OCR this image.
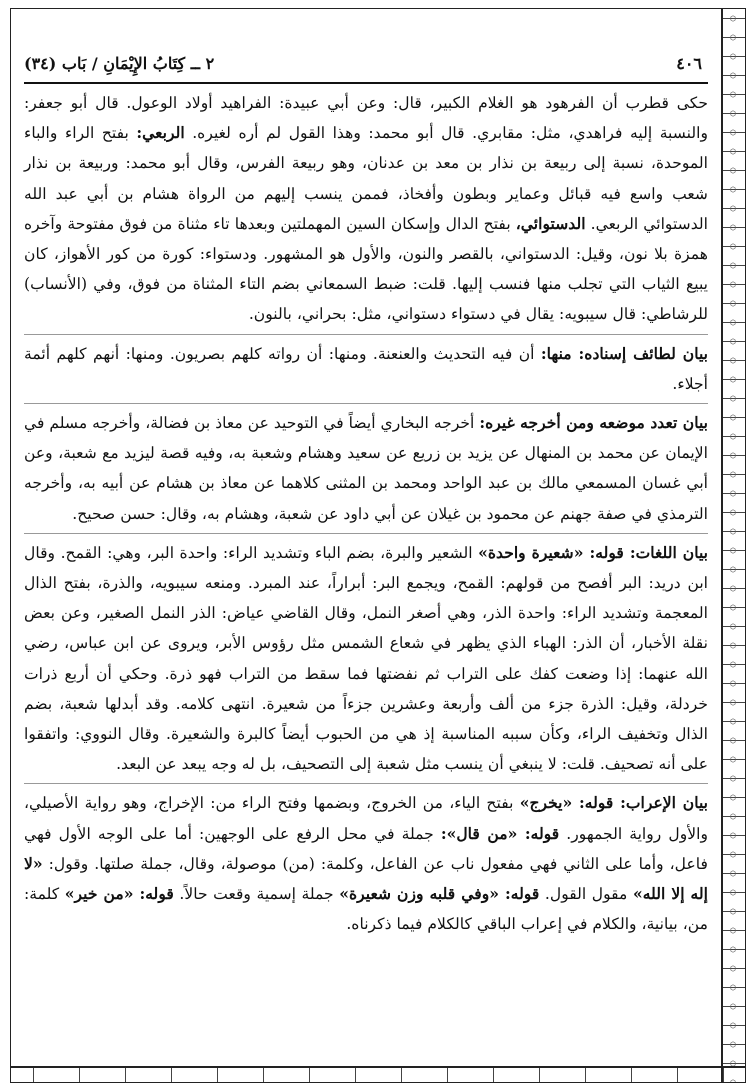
٤٠٦
٢ ــ كِتَابُ الإِيْمَانِ / بَاب (٣٤)

حكى قطرب أن الفرهود هو الغلام الكبير، قال: وعن أبي عبيدة: الفراهيد أولاد الوعول. قال أبو جعفر: والنسبة إليه فراهدي، مثل: مقابري. قال أبو محمد: وهذا القول لم أره لغيره. الربعي: بفتح الراء والباء الموحدة، نسبة إلى ربيعة بن نذار بن معد بن عدنان، وهو ربيعة الفرس، وقال أبو محمد: وربيعة بن نذار شعب واسع فيه قبائل وعماير وبطون وأفخاذ، فممن ينسب إليهم من الرواة هشام بن أبي عبد الله الدستوائي الربعي. الدستوائي، بفتح الدال وإسكان السين المهملتين وبعدها تاء مثناة من فوق مفتوحة وآخره همزة بلا نون، وقيل: الدستواني، بالقصر والنون، والأول هو المشهور. ودستواء: كورة من كور الأهواز، كان يبيع الثياب التي تجلب منها فنسب إليها. قلت: ضبط السمعاني بضم التاء المثناة من فوق، وفي (الأنساب) للرشاطي: قال سيبويه: يقال في دستواء دستواني، مثل: بحراني، بالنون.

بيان لطائف إسناده: منها: أن فيه التحديث والعنعنة. ومنها: أن رواته كلهم بصريون. ومنها: أنهم كلهم أئمة أجلاء.

بيان تعدد موضعه ومن أخرجه غيره: أخرجه البخاري أيضاً في التوحيد عن معاذ بن فضالة، وأخرجه مسلم في الإيمان عن محمد بن المنهال عن يزيد بن زريع عن سعيد وهشام وشعبة به، وفيه قصة ليزيد مع شعبة، وعن أبي غسان المسمعي مالك بن عبد الواحد ومحمد بن المثنى كلاهما عن معاذ بن هشام عن أبيه به، وأخرجه الترمذي في صفة جهنم عن محمود بن غيلان عن أبي داود عن شعبة، وهشام به، وقال: حسن صحيح.

بيان اللغات: قوله: «شعيرة واحدة» الشعير والبرة، بضم الباء وتشديد الراء: واحدة البر، وهي: القمح. وقال ابن دريد: البر أفصح من قولهم: القمح، ويجمع البر: أبراراً، عند المبرد. ومنعه سيبويه، والذرة، بفتح الذال المعجمة وتشديد الراء: واحدة الذر، وهي أصغر النمل، وقال القاضي عياض: الذر النمل الصغير، وعن بعض نقلة الأخبار، أن الذر: الهباء الذي يظهر في شعاع الشمس مثل رؤوس الأبر، ويروى عن ابن عباس، رضي الله عنهما: إذا وضعت كفك على التراب ثم نفضتها فما سقط من التراب فهو ذرة. وحكي أن أربع ذرات خردلة، وقيل: الذرة جزء من ألف وأربعة وعشرين جزءاً من شعيرة. انتهى كلامه. وقد أبدلها شعبة، بضم الذال وتخفيف الراء، وكأن سببه المناسبة إذ هي من الحبوب أيضاً كالبرة والشعيرة. وقال النووي: واتفقوا على أنه تصحيف. قلت: لا ينبغي أن ينسب مثل شعبة إلى التصحيف، بل له وجه يبعد عن البعد.

بيان الإعراب: قوله: «يخرج» بفتح الياء، من الخروج، وبضمها وفتح الراء من: الإخراج، وهو رواية الأصيلي، والأول رواية الجمهور. قوله: «من قال»: جملة في محل الرفع على الوجهين: أما على الوجه الأول فهي فاعل، وأما على الثاني فهي مفعول ناب عن الفاعل، وكلمة: (من) موصولة، وقال، جملة صلتها. وقول: «لا إله إلا الله» مقول القول. قوله: «وفي قلبه وزن شعيرة» جملة إسمية وقعت حالاً. قوله: «من خير» كلمة: من، بيانية، والكلام في إعراب الباقي كالكلام فيما ذكرناه.
